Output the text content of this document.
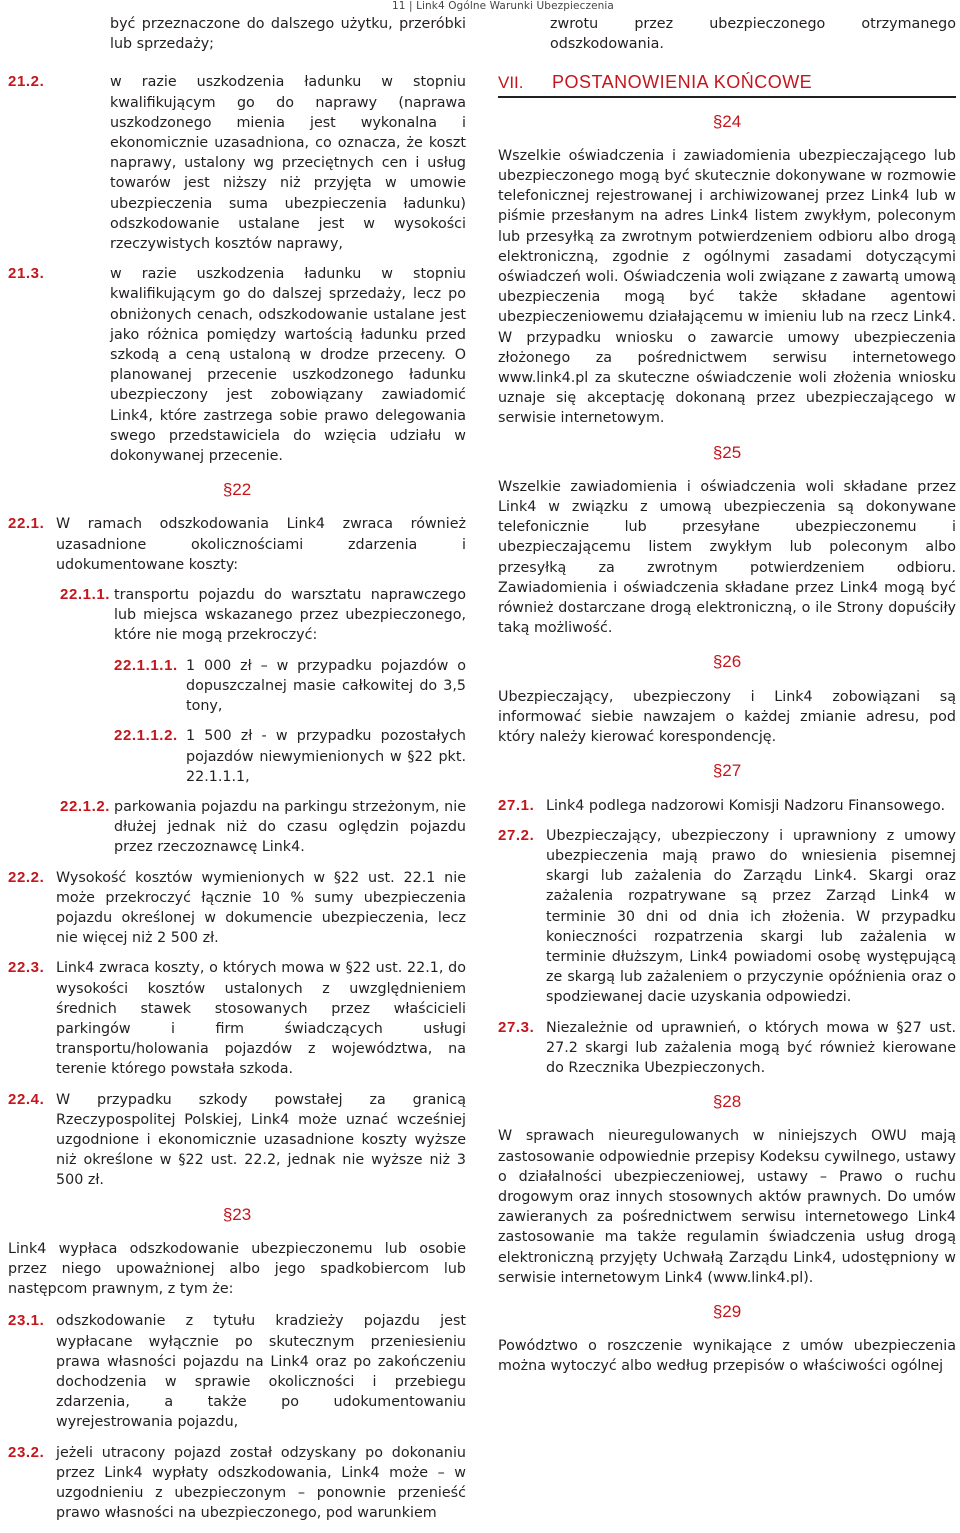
11 | Link4 Ogólne Warunki Ubezpieczenia

być przeznaczone do dalszego użytku, przeróbki lub sprzedaży;

21.2.	w razie uszkodzenia ładunku w stopniu kwalifikującym go do naprawy (naprawa uszkodzonego mienia jest wykonalna i ekonomicznie uzasadniona, co oznacza, że koszt naprawy, ustalony wg przeciętnych cen i usług towarów jest niższy niż przyjęta w umowie ubezpieczenia suma ubezpieczenia ładunku) odszkodowanie ustalane jest w wysokości rzeczywistych kosztów naprawy,
21.3.	w razie uszkodzenia ładunku w stopniu kwalifikującym go do dalszej sprzedaży, lecz po obniżonych cenach, odszkodowanie ustalane jest jako różnica pomiędzy wartością ładunku przed szkodą a ceną ustaloną w drodze przeceny. O planowanej przecenie uszkodzonego ładunku ubezpieczony jest zobowiązany zawiadomić Link4, które zastrzega sobie prawo delegowania swego przedstawiciela do wzięcia udziału w dokonywanej przecenie.
§22
22.1. W ramach odszkodowania Link4 zwraca również uzasadnione okolicznościami zdarzenia i udokumentowane koszty:
22.1.1. transportu pojazdu do warsztatu naprawczego lub miejsca wskazanego przez ubezpieczonego, które nie mogą przekroczyć:
22.1.1.1. 1 000 zł – w przypadku pojazdów o dopuszczalnej masie całkowitej do 3,5 tony,
22.1.1.2. 1 500 zł - w przypadku pozostałych pojazdów niewymienionych w §22 pkt. 22.1.1.1,
22.1.2. parkowania pojazdu na parkingu strzeżonym, nie dłużej jednak niż do czasu oględzin pojazdu przez rzeczoznawcę Link4.
22.2. Wysokość kosztów wymienionych w §22 ust. 22.1 nie może przekroczyć łącznie 10 % sumy ubezpieczenia pojazdu określonej w dokumencie ubezpieczenia, lecz nie więcej niż 2 500 zł.
22.3. Link4 zwraca koszty, o których mowa w §22 ust. 22.1, do wysokości kosztów ustalonych z uwzględnieniem średnich stawek stosowanych przez właścicieli parkingów i firm świadczących usługi transportu/holowania pojazdów z województwa, na terenie którego powstała szkoda.
22.4. W przypadku szkody powstałej za granicą Rzeczypospolitej Polskiej, Link4 może uznać wcześniej uzgodnione i ekonomicznie uzasadnione koszty wyższe niż określone w §22 ust. 22.2, jednak nie wyższe niż 3 500 zł.
§23

Link4 wypłaca odszkodowanie ubezpieczonemu lub osobie przez niego upoważnionej albo jego spadkobiercom lub następcom prawnym, z tym że:

23.1. odszkodowanie z tytułu kradzieży pojazdu jest wypłacane wyłącznie po skutecznym przeniesieniu prawa własności pojazdu na Link4 oraz po zakończeniu dochodzenia w sprawie okoliczności i przebiegu zdarzenia, a także po udokumentowaniu wyrejestrowania pojazdu,
23.2. jeżeli utracony pojazd został odzyskany po dokonaniu przez Link4 wypłaty odszkodowania, Link4 może – w uzgodnieniu z ubezpieczonym – ponownie przenieść prawo własności na ubezpieczonego, pod warunkiem

zwrotu przez ubezpieczonego otrzymanego odszkodowania.

VII.	POSTANOWIENIA KOŃCOWE
§24

Wszelkie oświadczenia i zawiadomienia ubezpieczającego lub ubezpieczonego mogą być skutecznie dokonywane w rozmowie telefonicznej rejestrowanej i archiwizowanej przez Link4 lub w piśmie przesłanym na adres Link4 listem zwykłym, poleconym lub przesyłką za zwrotnym potwierdzeniem odbioru albo drogą elektroniczną, zgodnie z ogólnymi zasadami dotyczącymi oświadczeń woli. Oświadczenia woli związane z zawartą umową ubezpieczenia mogą być także składane agentowi ubezpieczeniowemu działającemu w imieniu lub na rzecz Link4. W przypadku wniosku o zawarcie umowy ubezpieczenia złożonego za pośrednictwem serwisu internetowego www.link4.pl za skuteczne oświadczenie woli złożenia wniosku uznaje się akceptację dokonaną przez ubezpieczającego w serwisie internetowym.

§25

Wszelkie zawiadomienia i oświadczenia woli składane przez Link4 w związku z umową ubezpieczenia są dokonywane telefonicznie lub przesyłane ubezpieczonemu i ubezpieczającemu listem zwykłym lub poleconym albo przesyłką za zwrotnym potwierdzeniem odbioru. Zawiadomienia i oświadczenia składane przez Link4 mogą być również dostarczane drogą elektroniczną, o ile Strony dopuściły taką możliwość.

§26

Ubezpieczający, ubezpieczony i Link4 zobowiązani są informować siebie nawzajem o każdej zmianie adresu, pod który należy kierować korespondencję.

§27
27.1. Link4 podlega nadzorowi Komisji Nadzoru Finansowego.
27.2. Ubezpieczający, ubezpieczony i uprawniony z umowy ubezpieczenia mają prawo do wniesienia pisemnej skargi lub zażalenia do Zarządu Link4. Skargi oraz zażalenia rozpatrywane są przez Zarząd Link4 w terminie 30 dni od dnia ich złożenia. W przypadku konieczności rozpatrzenia skargi lub zażalenia w terminie dłuższym, Link4 powiadomi osobę występującą ze skargą lub zażaleniem o przyczynie opóźnienia oraz o spodziewanej dacie uzyskania odpowiedzi.
27.3. Niezależnie od uprawnień, o których mowa w §27 ust. 27.2 skargi lub zażalenia mogą być również kierowane do Rzecznika Ubezpieczonych.
§28

W sprawach nieuregulowanych w niniejszych OWU mają zastosowanie odpowiednie przepisy Kodeksu cywilnego, ustawy o działalności ubezpieczeniowej, ustawy – Prawo o ruchu drogowym oraz innych stosownych aktów prawnych. Do umów zawieranych za pośrednictwem serwisu internetowego Link4 zastosowanie ma także regulamin świadczenia usług drogą elektroniczną przyjęty Uchwałą Zarządu Link4, udostępniony w serwisie internetowym Link4 (www.link4.pl).

§29

Powództwo o roszczenie wynikające z umów ubezpieczenia można wytoczyć albo według przepisów o właściwości ogólnej
